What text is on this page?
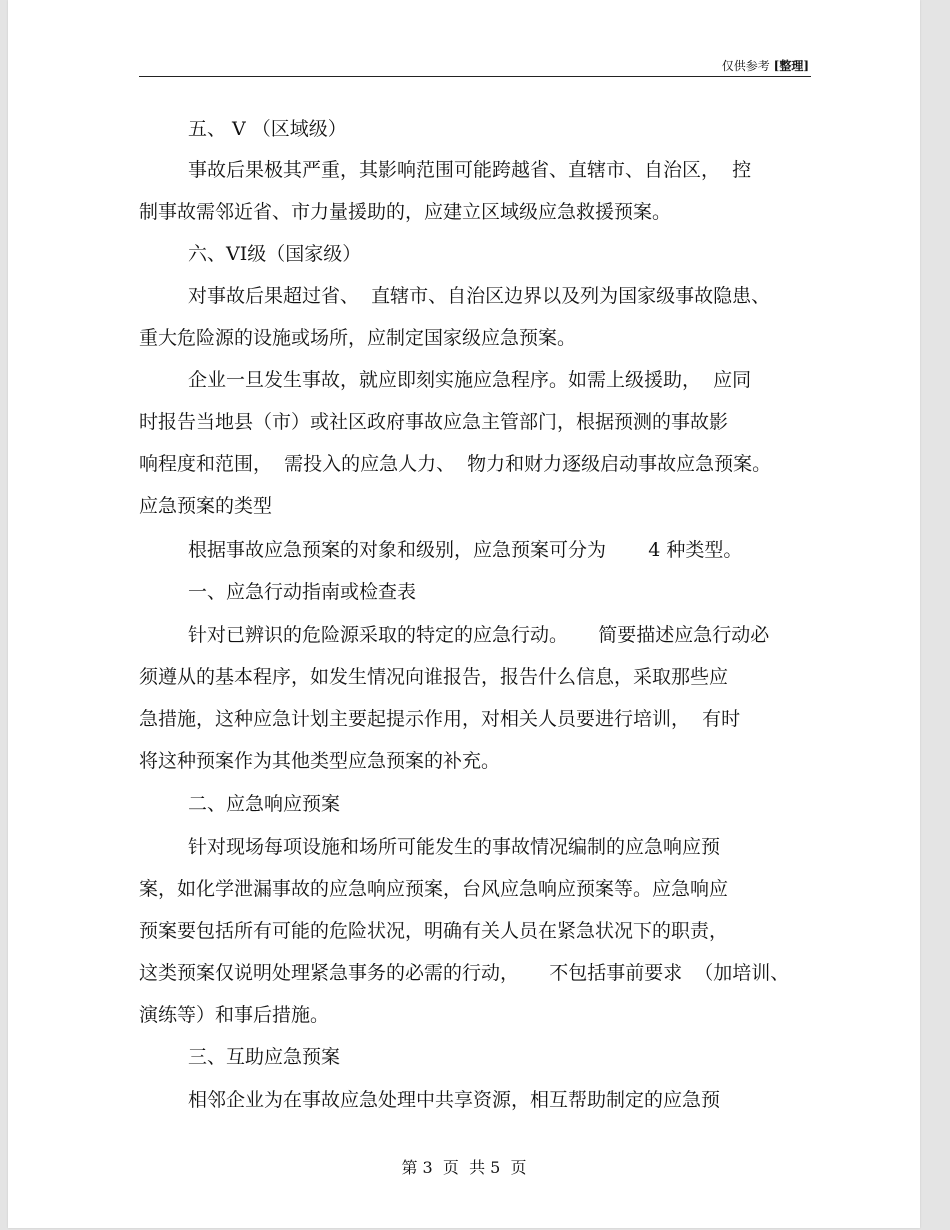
仅供参考 [整理]
五、 V （区域级）
事故后果极其严重，其影响范围可能跨越省、直辖市、自治区，  控
制事故需邻近省、市力量援助的，应建立区域级应急救援预案。
六、VI级（国家级）
对事故后果超过省、  直辖市、自治区边界以及列为国家级事故隐患、
重大危险源的设施或场所，应制定国家级应急预案。
企业一旦发生事故，就应即刻实施应急程序。如需上级援助，  应同
时报告当地县（市）或社区政府事故应急主管部门，根据预测的事故影
响程度和范围，  需投入的应急人力、  物力和财力逐级启动事故应急预案。
应急预案的类型
根据事故应急预案的对象和级别，应急预案可分为       4 种类型。
一、应急行动指南或检查表
针对已辨识的危险源采取的特定的应急行动。     简要描述应急行动必
须遵从的基本程序，如发生情况向谁报告，报告什么信息，采取那些应
急措施，这种应急计划主要起提示作用，对相关人员要进行培训，  有时
将这种预案作为其他类型应急预案的补充。
二、应急响应预案
针对现场每项设施和场所可能发生的事故情况编制的应急响应预
案，如化学泄漏事故的应急响应预案，台风应急响应预案等。应急响应
预案要包括所有可能的危险状况，明确有关人员在紧急状况下的职责，
这类预案仅说明处理紧急事务的必需的行动，     不包括事前要求  （加培训、
演练等）和事后措施。
三、互助应急预案
相邻企业为在事故应急处理中共享资源，相互帮助制定的应急预
第 3  页  共 5  页
